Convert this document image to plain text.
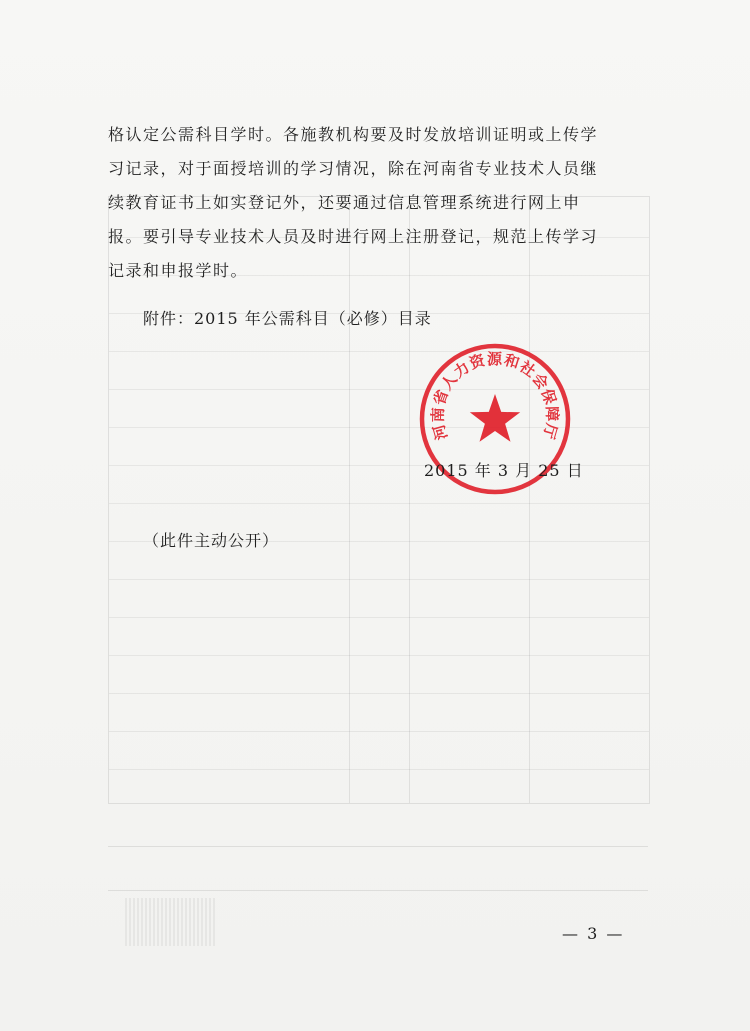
格认定公需科目学时。各施教机构要及时发放培训证明或上传学
习记录，对于面授培训的学习情况，除在河南省专业技术人员继
续教育证书上如实登记外，还要通过信息管理系统进行网上申
报。要引导专业技术人员及时进行网上注册登记，规范上传学习
记录和申报学时。
附件：2015 年公需科目（必修）目录
河南省人力资源和社会保障厅
2015 年 3 月 25 日
（此件主动公开）
— 3 —
